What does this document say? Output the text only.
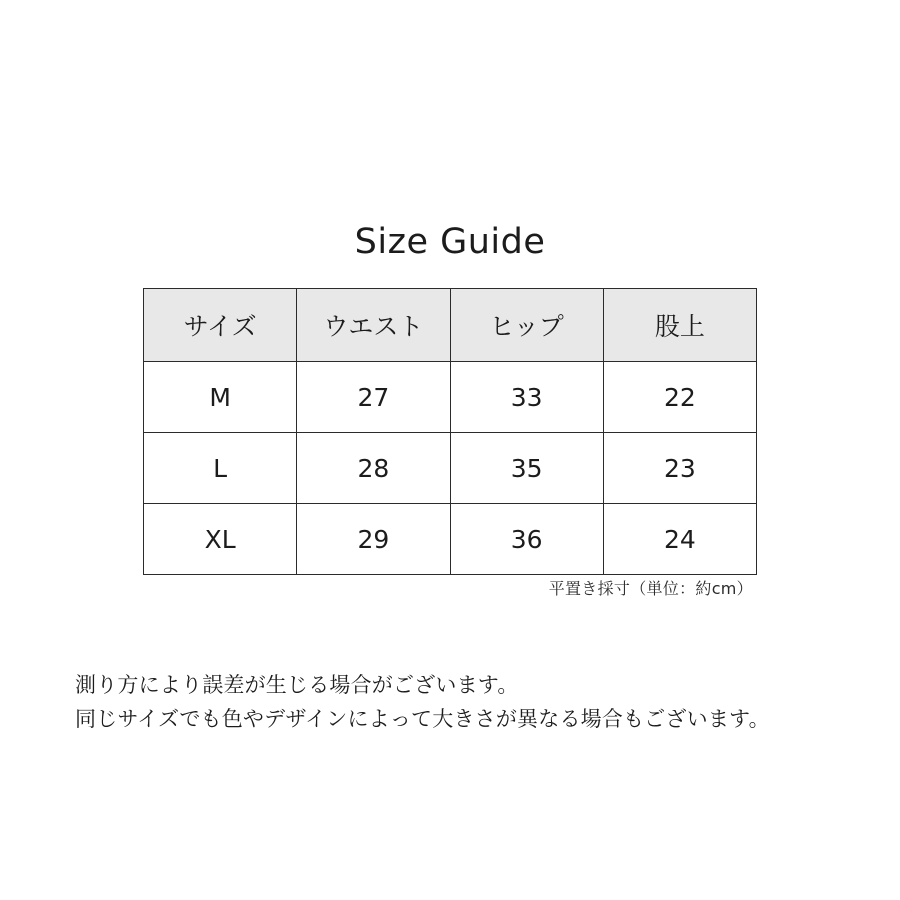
Size Guide
サイズ	ウエスト	ヒップ	股上
M	27	33	22
L	28	35	23
XL	29	36	24
平置き採寸（単位：約cm）
測り方により誤差が生じる場合がございます。
同じサイズでも色やデザインによって大きさが異なる場合もございます。
